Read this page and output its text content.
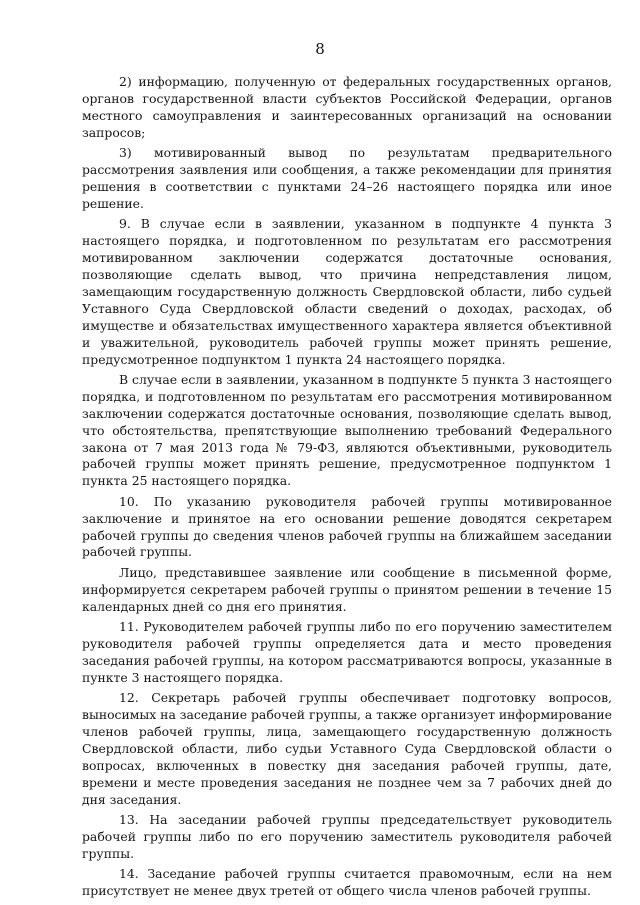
8

2) информацию, полученную от федеральных государственных органов, органов государственной власти субъектов Российской Федерации, органов местного самоуправления и заинтересованных организаций на основании запросов;

3) мотивированный вывод по результатам предварительного рассмотрения заявления или сообщения, а также рекомендации для принятия решения в соответствии с пунктами 24–26 настоящего порядка или иное решение.

9. В случае если в заявлении, указанном в подпункте 4 пункта 3 настоящего порядка, и подготовленном по результатам его рассмотрения мотивированном заключении содержатся достаточные основания, позволяющие сделать вывод, что причина непредставления лицом, замещающим государственную должность Свердловской области, либо судьей Уставного Суда Свердловской области сведений о доходах, расходах, об имуществе и обязательствах имущественного характера является объективной и уважительной, руководитель рабочей группы может принять решение, предусмотренное подпунктом 1 пункта 24 настоящего порядка.

В случае если в заявлении, указанном в подпункте 5 пункта 3 настоящего порядка, и подготовленном по результатам его рассмотрения мотивированном заключении содержатся достаточные основания, позволяющие сделать вывод, что обстоятельства, препятствующие выполнению требований Федерального закона от 7 мая 2013 года № 79-ФЗ, являются объективными, руководитель рабочей группы может принять решение, предусмотренное подпунктом 1 пункта 25 настоящего порядка.

10. По указанию руководителя рабочей группы мотивированное заключение и принятое на его основании решение доводятся секретарем рабочей группы до сведения членов рабочей группы на ближайшем заседании рабочей группы.

Лицо, представившее заявление или сообщение в письменной форме, информируется секретарем рабочей группы о принятом решении в течение 15 календарных дней со дня его принятия.

11. Руководителем рабочей группы либо по его поручению заместителем руководителя рабочей группы определяется дата и место проведения заседания рабочей группы, на котором рассматриваются вопросы, указанные в пункте 3 настоящего порядка.

12. Секретарь рабочей группы обеспечивает подготовку вопросов, выносимых на заседание рабочей группы, а также организует информирование членов рабочей группы, лица, замещающего государственную должность Свердловской области, либо судьи Уставного Суда Свердловской области о вопросах, включенных в повестку дня заседания рабочей группы, дате, времени и месте проведения заседания не позднее чем за 7 рабочих дней до дня заседания.

13. На заседании рабочей группы председательствует руководитель рабочей группы либо по его поручению заместитель руководителя рабочей группы.

14. Заседание рабочей группы считается правомочным, если на нем присутствует не менее двух третей от общего числа членов рабочей группы.
